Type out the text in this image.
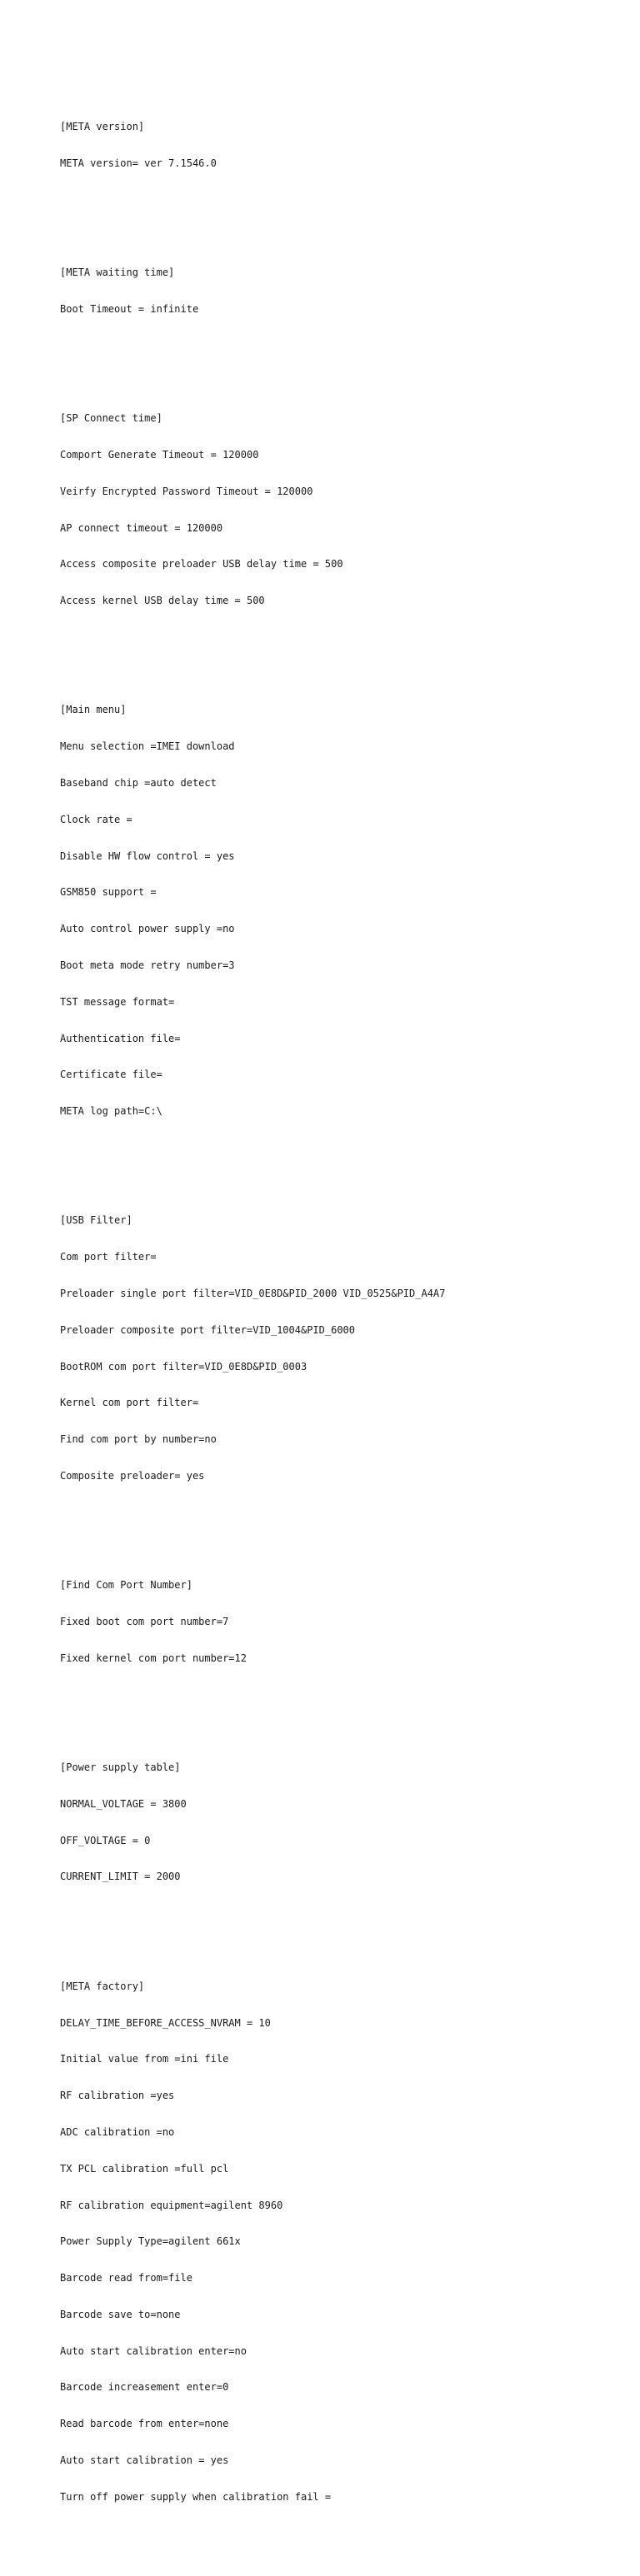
[META version]

META version= ver 7.1546.0

[META waiting time]

Boot Timeout = infinite

[SP Connect time]

Comport Generate Timeout = 120000

Veirfy Encrypted Password Timeout = 120000

AP connect timeout = 120000

Access composite preloader USB delay time = 500

Access kernel USB delay time = 500

[Main menu]

Menu selection =IMEI download

Baseband chip =auto detect

Clock rate =

Disable HW flow control = yes

GSM850 support =

Auto control power supply =no

Boot meta mode retry number=3

TST message format=

Authentication file=

Certificate file=

META log path=C:\

[USB Filter]

Com port filter=

Preloader single port filter=VID_0E8D&PID_2000 VID_0525&PID_A4A7

Preloader composite port filter=VID_1004&PID_6000

BootROM com port filter=VID_0E8D&PID_0003

Kernel com port filter=

Find com port by number=no

Composite preloader= yes

[Find Com Port Number]

Fixed boot com port number=7

Fixed kernel com port number=12

[Power supply table]

NORMAL_VOLTAGE = 3800

OFF_VOLTAGE = 0

CURRENT_LIMIT = 2000

[META factory]

DELAY_TIME_BEFORE_ACCESS_NVRAM = 10

Initial value from =ini file

RF calibration =yes

ADC calibration =no

TX PCL calibration =full pcl

RF calibration equipment=agilent 8960

Power Supply Type=agilent 661x

Barcode read from=file

Barcode save to=none

Auto start calibration enter=no

Barcode increasement enter=0

Read barcode from enter=none

Auto start calibration = yes

Turn off power supply when calibration fail =
